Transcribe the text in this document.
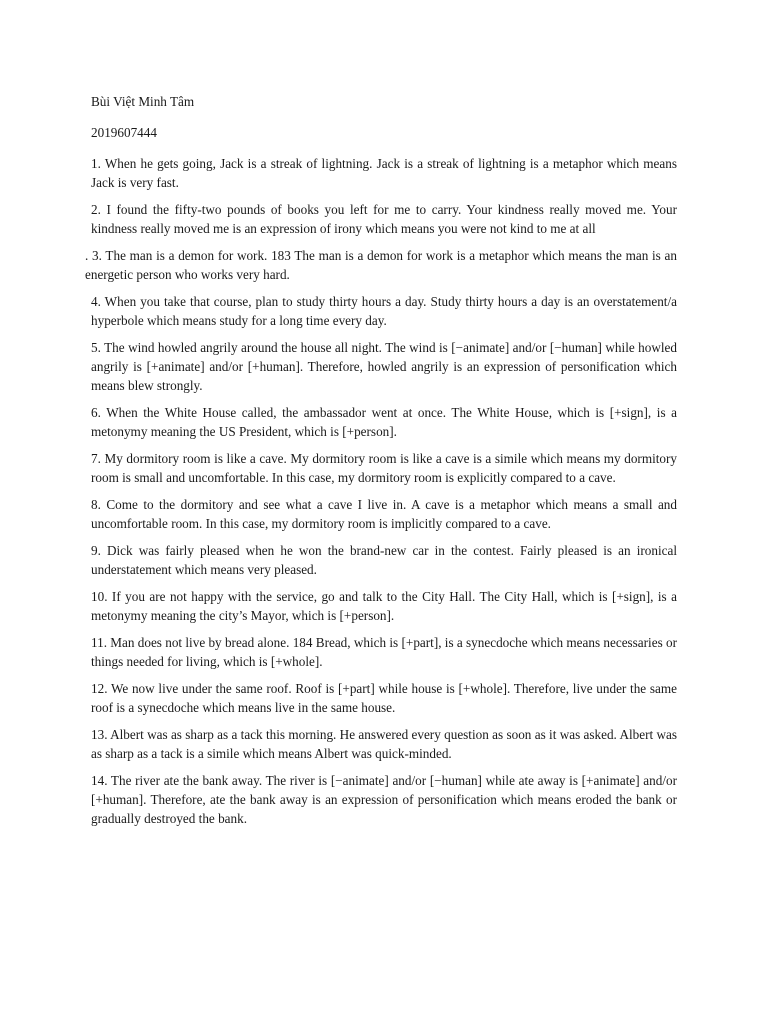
Bùi Việt Minh Tâm

2019607444

1. When he gets going, Jack is a streak of lightning. Jack is a streak of lightning is a metaphor which means Jack is very fast.

2. I found the fifty-two pounds of books you left for me to carry. Your kindness really moved me. Your kindness really moved me is an expression of irony which means you were not kind to me at all

. 3. The man is a demon for work. 183 The man is a demon for work is a metaphor which means the man is an energetic person who works very hard.

4. When you take that course, plan to study thirty hours a day. Study thirty hours a day is an overstatement/a hyperbole which means study for a long time every day.

5. The wind howled angrily around the house all night. The wind is [−animate] and/or [−human] while howled angrily is [+animate] and/or [+human]. Therefore, howled angrily is an expression of personification which means blew strongly.

6. When the White House called, the ambassador went at once. The White House, which is [+sign], is a metonymy meaning the US President, which is [+person].

7. My dormitory room is like a cave. My dormitory room is like a cave is a simile which means my dormitory room is small and uncomfortable. In this case, my dormitory room is explicitly compared to a cave.

8. Come to the dormitory and see what a cave I live in. A cave is a metaphor which means a small and uncomfortable room. In this case, my dormitory room is implicitly compared to a cave.

9. Dick was fairly pleased when he won the brand-new car in the contest. Fairly pleased is an ironical understatement which means very pleased.

10. If you are not happy with the service, go and talk to the City Hall. The City Hall, which is [+sign], is a metonymy meaning the city’s Mayor, which is [+person].

11. Man does not live by bread alone. 184 Bread, which is [+part], is a synecdoche which means necessaries or things needed for living, which is [+whole].

12. We now live under the same roof. Roof is [+part] while house is [+whole]. Therefore, live under the same roof is a synecdoche which means live in the same house.

13. Albert was as sharp as a tack this morning. He answered every question as soon as it was asked. Albert was as sharp as a tack is a simile which means Albert was quick-minded.

14. The river ate the bank away. The river is [−animate] and/or [−human] while ate away is [+animate] and/or [+human]. Therefore, ate the bank away is an expression of personification which means eroded the bank or gradually destroyed the bank.
